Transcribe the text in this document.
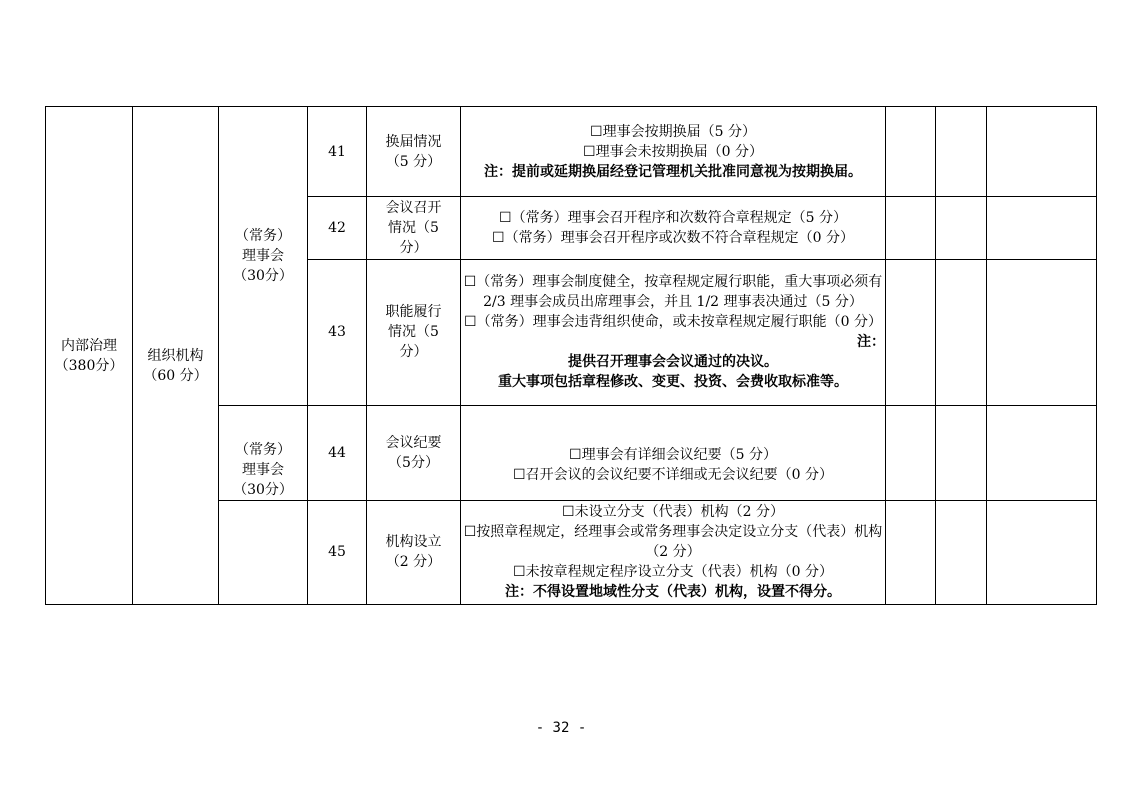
内部治理（380分）	组织机构（60 分）	（常务）理事会（30分）	41	换届情况（5 分）	☐理事会按期换届（5 分）
☐理事会未按期换届（0 分）
注：提前或延期换届经登记管理机关批准同意视为按期换届。			

			42	会议召开情况（5 分）	☐（常务）理事会召开程序和次数符合章程规定（5 分）
☐（常务）理事会召开程序或次数不符合章程规定（0 分）			

			43	职能履行情况（5 分）	☐（常务）理事会制度健全，按章程规定履行职能，重大事项必须有 2/3 理事会成员出席理事会，并且 1/2 理事表决通过（5 分）
☐（常务）理事会违背组织使命，或未按章程规定履行职能（0 分）
注：
提供召开理事会会议通过的决议。
重大事项包括章程修改、变更、投资、会费收取标准等。			

		（常务）理事会（30分）	44	会议纪要（5分）	☐理事会有详细会议纪要（5 分）
☐召开会议的会议纪要不详细或无会议纪要（0 分）			

			45	机构设立（2 分）	☐未设立分支（代表）机构（2 分）
☐按照章程规定，经理事会或常务理事会决定设立分支（代表）机构（2 分）
☐未按章程规定程序设立分支（代表）机构（0 分）
注：不得设置地域性分支（代表）机构，设置不得分。			

- 32 -
